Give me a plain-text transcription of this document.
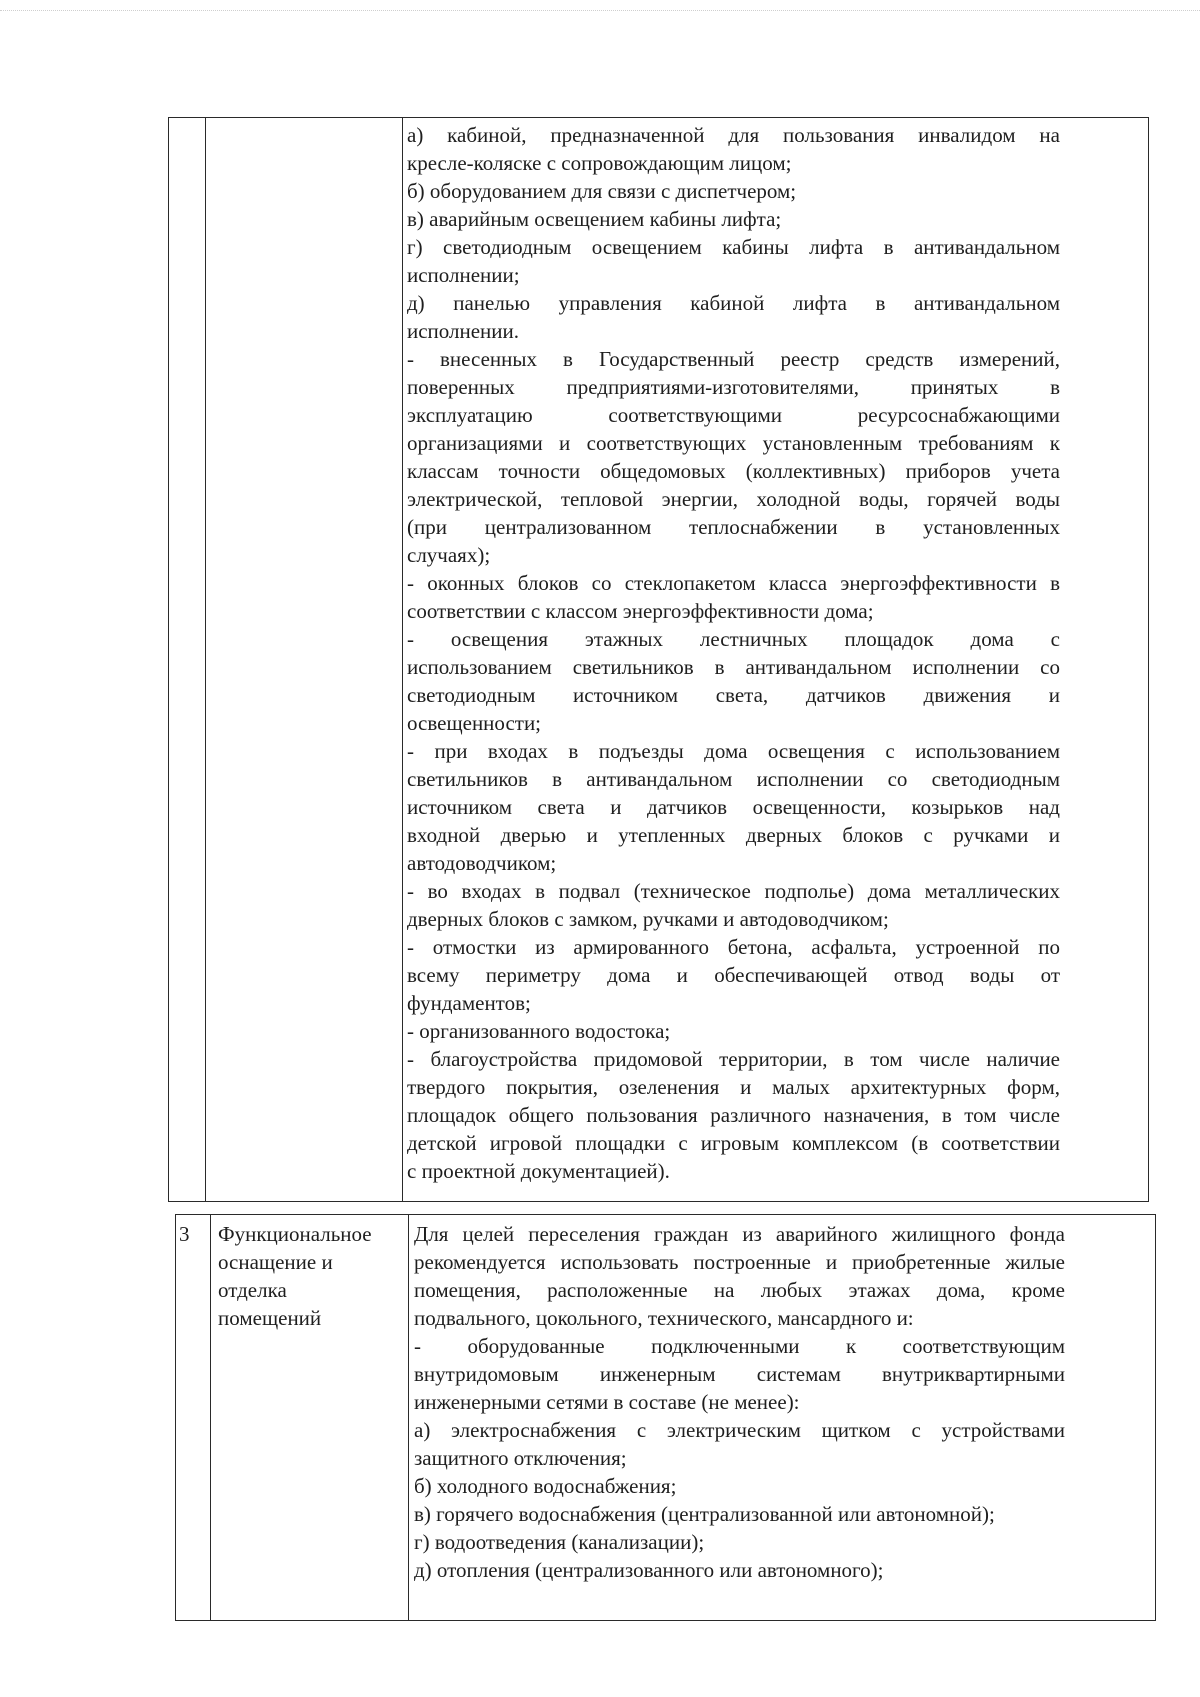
а) кабиной, предназначенной для пользования инвалидом на

кресле-коляске с сопровождающим лицом;

б) оборудованием для связи с диспетчером;

в) аварийным освещением кабины лифта;

г) светодиодным освещением кабины лифта в антивандальном

исполнении;

д) панелью управления кабиной лифта в антивандальном

исполнении.

- внесенных в Государственный реестр средств измерений,

поверенных предприятиями-изготовителями, принятых в

эксплуатацию соответствующими ресурсоснабжающими

организациями и соответствующих установленным требованиям к

классам точности общедомовых (коллективных) приборов учета

электрической, тепловой энергии, холодной воды, горячей воды

(при централизованном теплоснабжении в установленных

случаях);

- оконных блоков со стеклопакетом класса энергоэффективности в

соответствии с классом энергоэффективности дома;

- освещения этажных лестничных площадок дома с

использованием светильников в антивандальном исполнении со

светодиодным источником света, датчиков движения и

освещенности;

- при входах в подъезды дома освещения с использованием

светильников в антивандальном исполнении со светодиодным

источником света и датчиков освещенности, козырьков над

входной дверью и утепленных дверных блоков с ручками и

автодоводчиком;

- во входах в подвал (техническое подполье) дома металлических

дверных блоков с замком, ручками и автодоводчиком;

- отмостки из армированного бетона, асфальта, устроенной по

всему периметру дома и обеспечивающей отвод воды от

фундаментов;

- организованного водостока;

- благоустройства придомовой территории, в том числе наличие

твердого покрытия, озеленения и малых архитектурных форм,

площадок общего пользования различного назначения, в том числе

детской игровой площадки с игровым комплексом (в соответствии

с проектной документацией).

3 Функциональное
оснащение и
отделка
помещений

Для целей переселения граждан из аварийного жилищного фонда

рекомендуется использовать построенные и приобретенные жилые

помещения, расположенные на любых этажах дома, кроме

подвального, цокольного, технического, мансардного и:

- оборудованные подключенными к соответствующим

внутридомовым инженерным системам внутриквартирными

инженерными сетями в составе (не менее):

а) электроснабжения с электрическим щитком с устройствами

защитного отключения;

б) холодного водоснабжения;

в) горячего водоснабжения (централизованной или автономной);

г) водоотведения (канализации);

д) отопления (централизованного или автономного);
